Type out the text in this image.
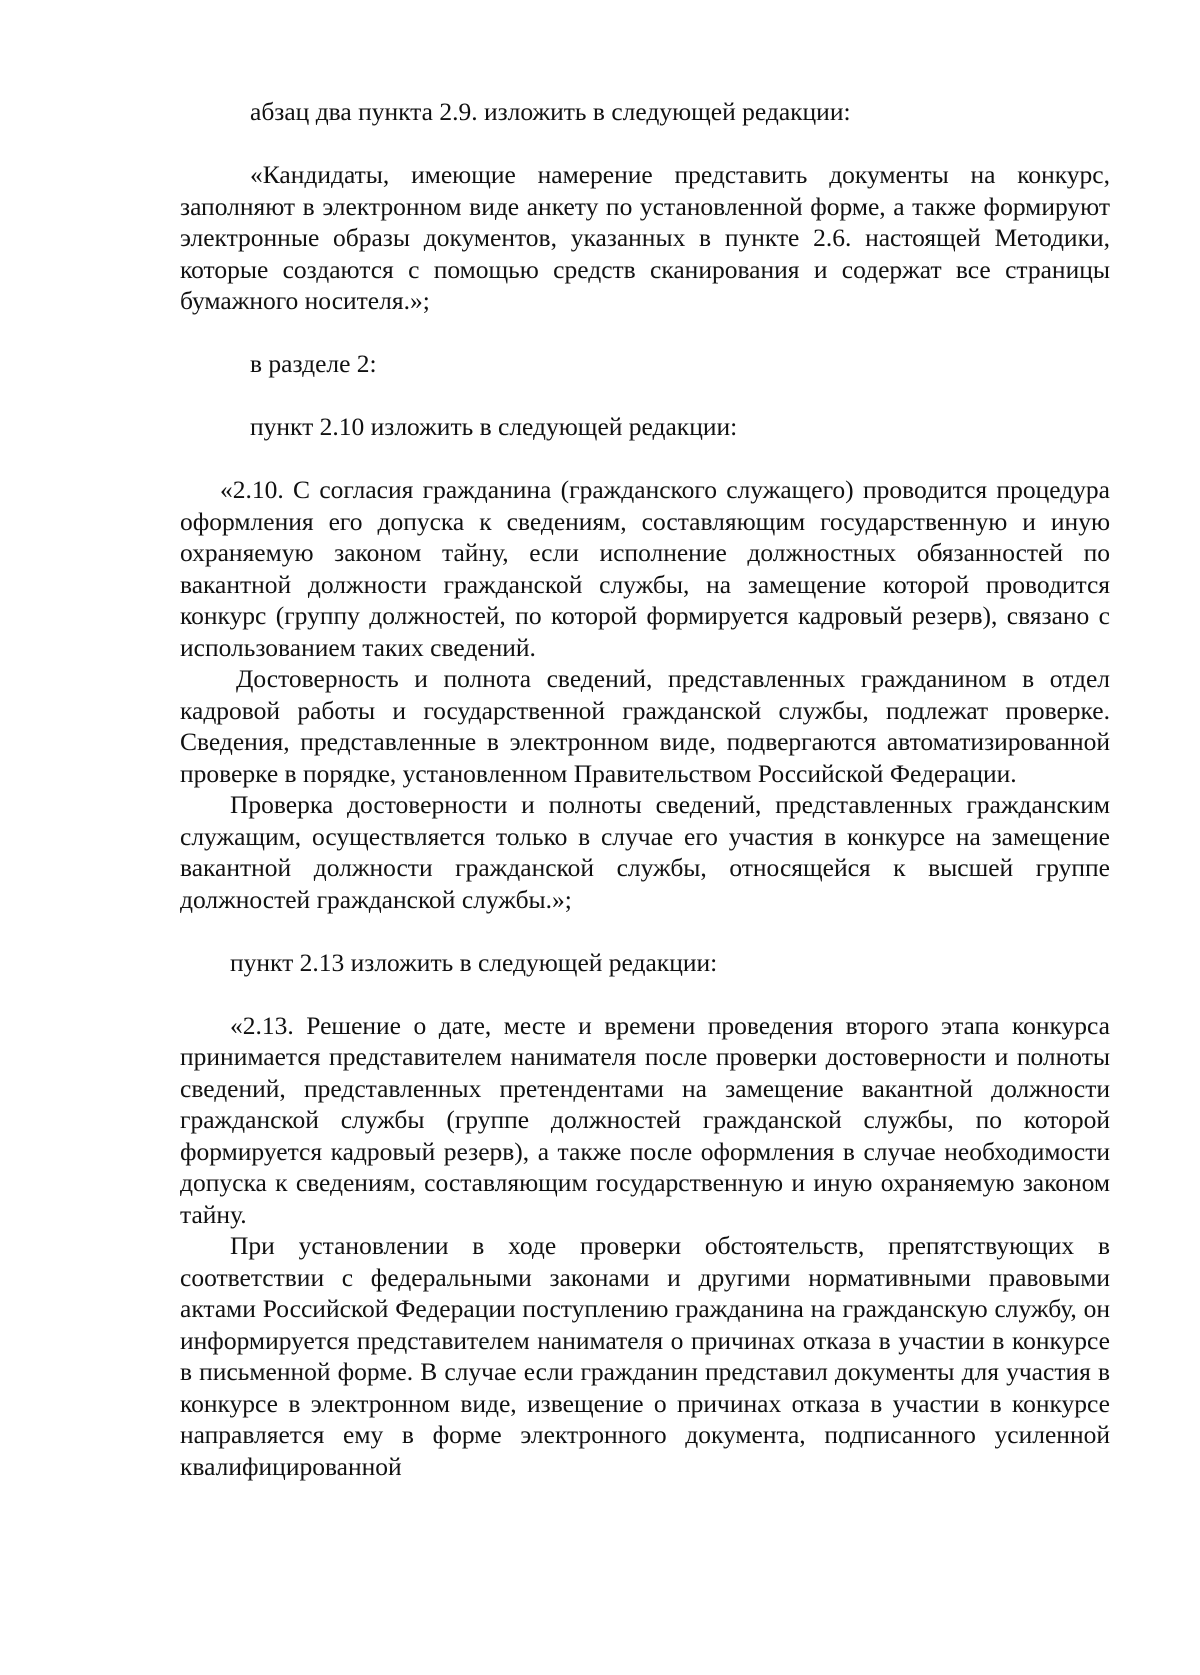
абзац два пункта 2.9. изложить в следующей редакции:

«Кандидаты, имеющие намерение представить документы на конкурс, заполняют в электронном виде анкету по установленной форме, а также формируют электронные образы документов, указанных в пункте 2.6. настоящей Методики, которые создаются с помощью средств сканирования и содержат все страницы бумажного носителя.»;

в разделе 2:

пункт 2.10 изложить в следующей редакции:

«2.10. С согласия гражданина (гражданского служащего) проводится процедура оформления его допуска к сведениям, составляющим государственную и иную охраняемую законом тайну, если исполнение должностных обязанностей по вакантной должности гражданской службы, на замещение которой проводится конкурс (группу должностей, по которой формируется кадровый резерв), связано с использованием таких сведений.

Достоверность и полнота сведений, представленных гражданином в отдел кадровой работы и государственной гражданской службы, подлежат проверке. Сведения, представленные в электронном виде, подвергаются автоматизированной проверке в порядке, установленном Правительством Российской Федерации.

Проверка достоверности и полноты сведений, представленных гражданским служащим, осуществляется только в случае его участия в конкурсе на замещение вакантной должности гражданской службы, относящейся к высшей группе должностей гражданской службы.»;

пункт 2.13 изложить в следующей редакции:

«2.13. Решение о дате, месте и времени проведения второго этапа конкурса принимается представителем нанимателя после проверки достоверности и полноты сведений, представленных претендентами на замещение вакантной должности гражданской службы (группе должностей гражданской службы, по которой формируется кадровый резерв), а также после оформления в случае необходимости допуска к сведениям, составляющим государственную и иную охраняемую законом тайну.

При установлении в ходе проверки обстоятельств, препятствующих в соответствии с федеральными законами и другими нормативными правовыми актами Российской Федерации поступлению гражданина на гражданскую службу, он информируется представителем нанимателя о причинах отказа в участии в конкурсе в письменной форме. В случае если гражданин представил документы для участия в конкурсе в электронном виде, извещение о причинах отказа в участии в конкурсе направляется ему в форме электронного документа, подписанного усиленной квалифицированной
